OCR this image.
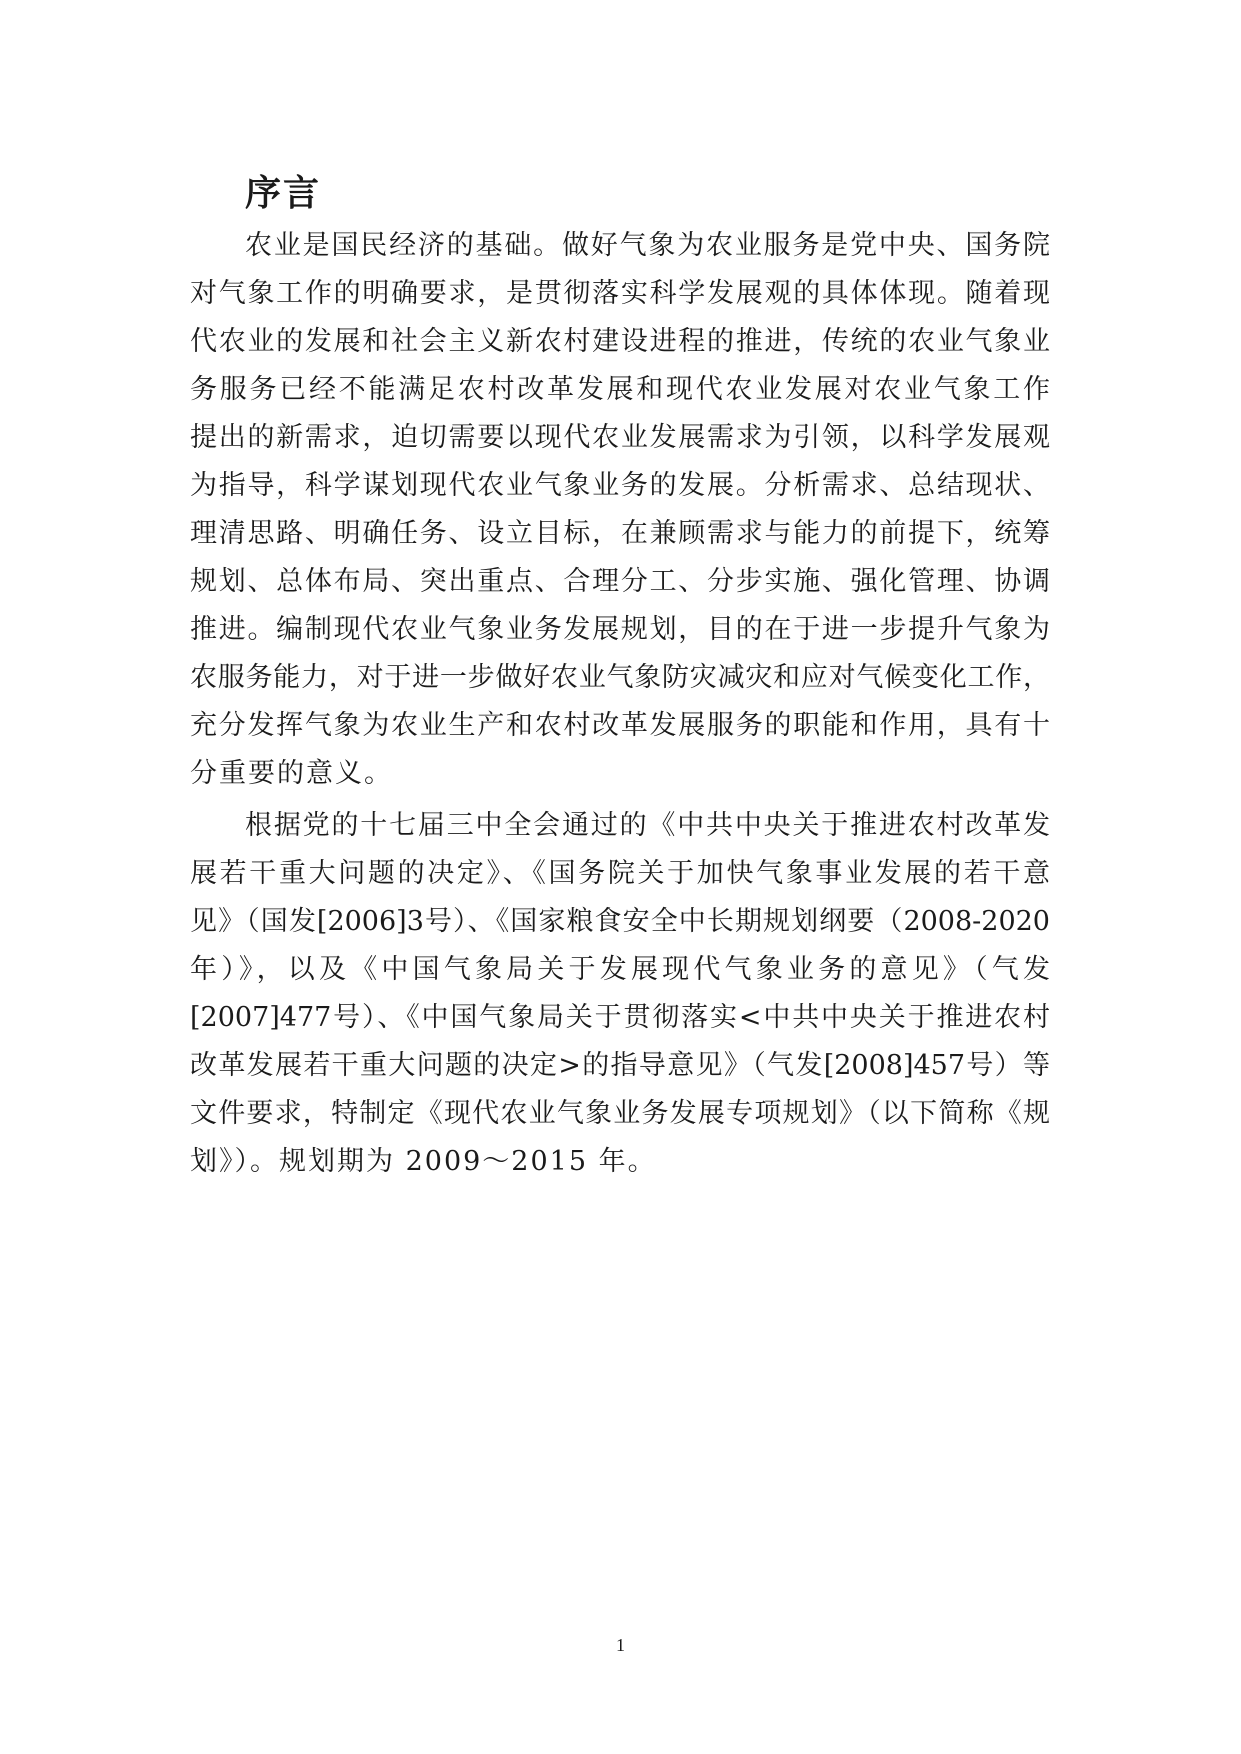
序言

农业是国民经济的基础。做好气象为农业服务是党中央、国务院

对气象工作的明确要求，是贯彻落实科学发展观的具体体现。随着现

代农业的发展和社会主义新农村建设进程的推进，传统的农业气象业

务服务已经不能满足农村改革发展和现代农业发展对农业气象工作

提出的新需求，迫切需要以现代农业发展需求为引领，以科学发展观

为指导，科学谋划现代农业气象业务的发展。分析需求、总结现状、

理清思路、明确任务、设立目标，在兼顾需求与能力的前提下，统筹

规划、总体布局、突出重点、合理分工、分步实施、强化管理、协调

推进。编制现代农业气象业务发展规划，目的在于进一步提升气象为

农服务能力，对于进一步做好农业气象防灾减灾和应对气候变化工作，

充分发挥气象为农业生产和农村改革发展服务的职能和作用，具有十

分重要的意义。

根据党的十七届三中全会通过的《中共中央关于推进农村改革发

展若干重大问题的决定》、《国务院关于加快气象事业发展的若干意

见》（国发[2006]3号）、《国家粮食安全中长期规划纲要（2008-2020

年）》，以及《中国气象局关于发展现代气象业务的意见》（气发

[2007]477号）、《中国气象局关于贯彻落实<中共中央关于推进农村

改革发展若干重大问题的决定>的指导意见》（气发[2008]457号）等

文件要求，特制定《现代农业气象业务发展专项规划》（以下简称《规

划》）。规划期为 2009～2015 年。

1
